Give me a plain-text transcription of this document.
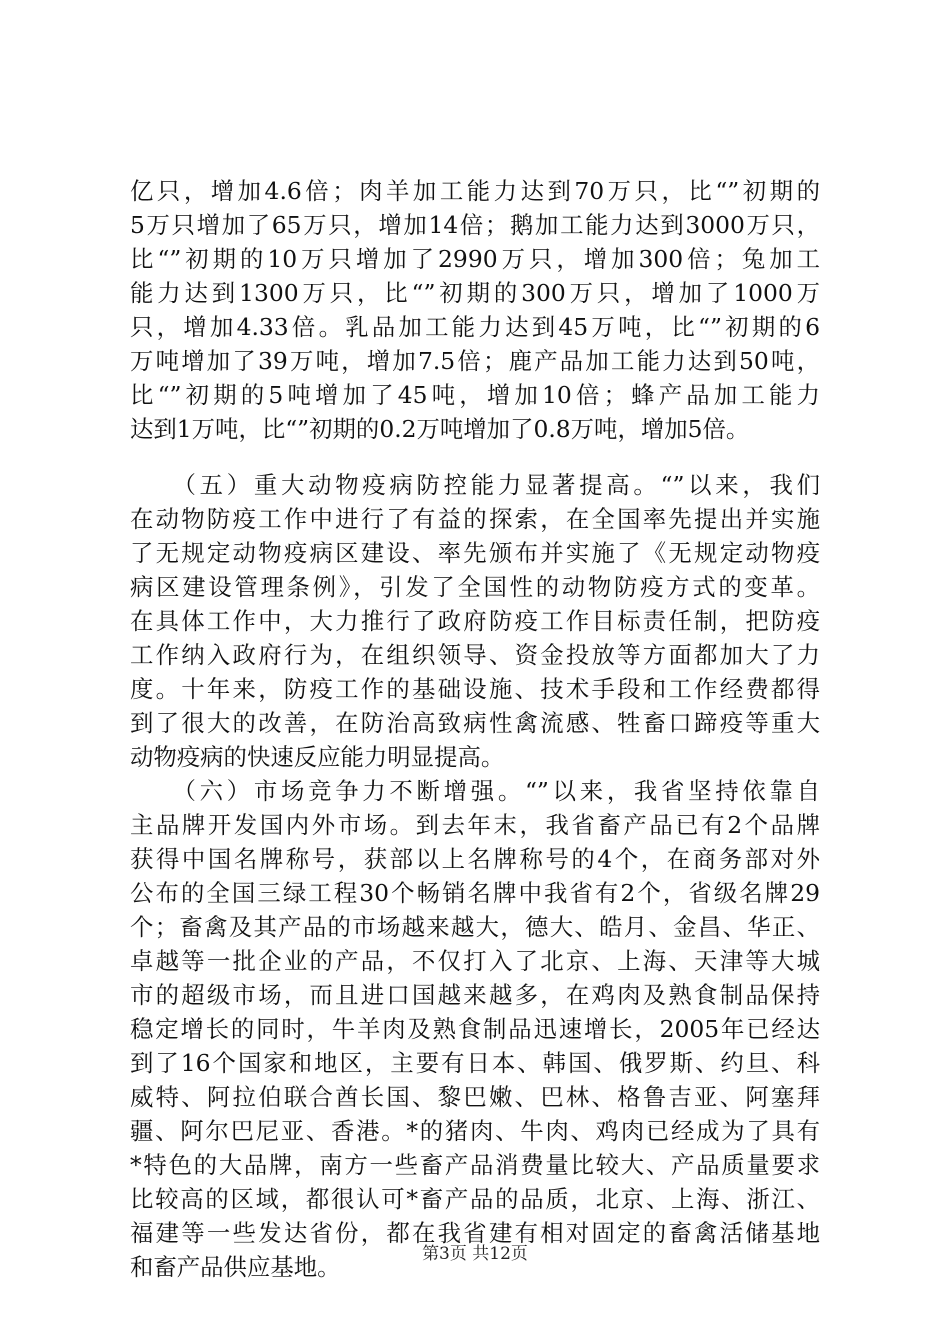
亿只，增加4.6倍；肉羊加工能力达到70万只，比“”初期的
5万只增加了65万只，增加14倍；鹅加工能力达到3000万只，
比“”初期的10万只增加了2990万只，增加300倍；兔加工
能力达到1300万只，比“”初期的300万只，增加了1000万
只，增加4.33倍。乳品加工能力达到45万吨，比“”初期的6
万吨增加了39万吨，增加7.5倍；鹿产品加工能力达到50吨，
比“”初期的5吨增加了45吨，增加10倍；蜂产品加工能力
达到1万吨，比“”初期的0.2万吨增加了0.8万吨，增加5倍。
　　（五）重大动物疫病防控能力显著提高。“”以来，我们
在动物防疫工作中进行了有益的探索，在全国率先提出并实施
了无规定动物疫病区建设、率先颁布并实施了《无规定动物疫
病区建设管理条例》，引发了全国性的动物防疫方式的变革。
在具体工作中，大力推行了政府防疫工作目标责任制，把防疫
工作纳入政府行为，在组织领导、资金投放等方面都加大了力
度。十年来，防疫工作的基础设施、技术手段和工作经费都得
到了很大的改善，在防治高致病性禽流感、牲畜口蹄疫等重大
动物疫病的快速反应能力明显提高。
　　（六）市场竞争力不断增强。“”以来，我省坚持依靠自
主品牌开发国内外市场。到去年末，我省畜产品已有2个品牌
获得中国名牌称号，获部以上名牌称号的4个，在商务部对外
公布的全国三绿工程30个畅销名牌中我省有2个，省级名牌29
个；畜禽及其产品的市场越来越大，德大、皓月、金昌、华正、
卓越等一批企业的产品，不仅打入了北京、上海、天津等大城
市的超级市场，而且进口国越来越多，在鸡肉及熟食制品保持
稳定增长的同时，牛羊肉及熟食制品迅速增长，2005年已经达
到了16个国家和地区，主要有日本、韩国、俄罗斯、约旦、科
威特、阿拉伯联合酋长国、黎巴嫩、巴林、格鲁吉亚、阿塞拜
疆、阿尔巴尼亚、香港。*的猪肉、牛肉、鸡肉已经成为了具有
*特色的大品牌，南方一些畜产品消费量比较大、产品质量要求
比较高的区域，都很认可*畜产品的品质，北京、上海、浙江、
福建等一些发达省份，都在我省建有相对固定的畜禽活储基地
和畜产品供应基地。	第3页 共12页
